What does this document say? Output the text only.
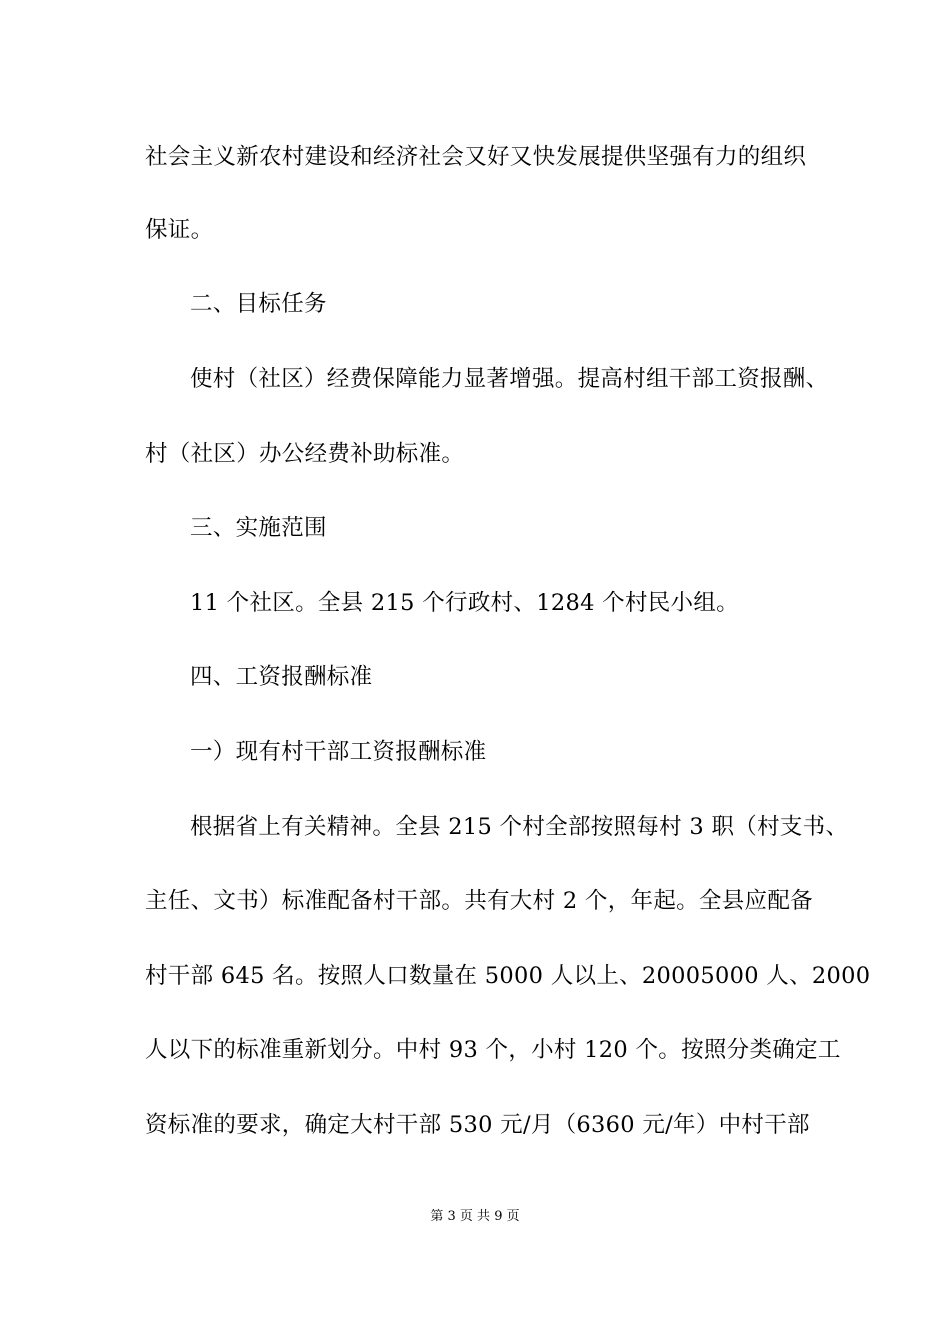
社会主义新农村建设和经济社会又好又快发展提供坚强有力的组织
保证。
二、目标任务
使村（社区）经费保障能力显著增强。提高村组干部工资报酬、
村（社区）办公经费补助标准。
三、实施范围
11 个社区。全县 215 个行政村、1284 个村民小组。
四、工资报酬标准
一）现有村干部工资报酬标准
根据省上有关精神。全县 215 个村全部按照每村 3 职（村支书、
主任、文书）标准配备村干部。共有大村 2 个，年起。全县应配备
村干部 645 名。按照人口数量在 5000 人以上、20005000 人、2000
人以下的标准重新划分。中村 93 个，小村 120 个。按照分类确定工
资标准的要求，确定大村干部 530 元/月（6360 元/年）中村干部
第 3 页 共 9 页
